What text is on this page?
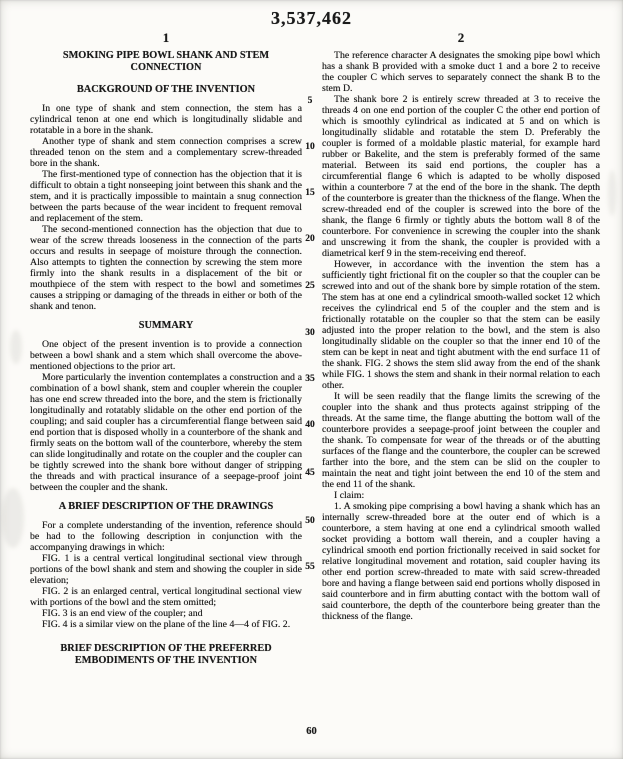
3,537,462
1
SMOKING PIPE BOWL SHANK AND STEM
CONNECTION
BACKGROUND OF THE INVENTION

In one type of shank and stem connection, the stem has a cylindrical tenon at one end which is longitudinally slidable and rotatable in a bore in the shank.

Another type of shank and stem connection comprises a screw threaded tenon on the stem and a complementary screw-threaded bore in the shank.

The first-mentioned type of connection has the objection that it is difficult to obtain a tight nonseeping joint between this shank and the stem, and it is practically impossible to maintain a snug connection between the parts because of the wear incident to frequent removal and replacement of the stem.

The second-mentioned connection has the objection that due to wear of the screw threads looseness in the connection of the parts occurs and results in seepage of moisture through the connection. Also attempts to tighten the connection by screwing the stem more firmly into the shank results in a displacement of the bit or mouthpiece of the stem with respect to the bowl and sometimes causes a stripping or damaging of the threads in either or both of the shank and tenon.

SUMMARY

One object of the present invention is to provide a connection between a bowl shank and a stem which shall overcome the above-mentioned objections to the prior art.

More particularly the invention contemplates a construction and a combination of a bowl shank, stem and coupler wherein the coupler has one end screw threaded into the bore, and the stem is frictionally longitudinally and rotatably slidable on the other end portion of the coupling; and said coupler has a circumferential flange between said end portion that is disposed wholly in a counterbore of the shank and firmly seats on the bottom wall of the counterbore, whereby the stem can slide longitudinally and rotate on the coupler and the coupler can be tightly screwed into the shank bore without danger of stripping the threads and with practical insurance of a seepage-proof joint between the coupler and the shank.

A BRIEF DESCRIPTION OF THE DRAWINGS

For a complete understanding of the invention, reference should be had to the following description in conjunction with the accompanying drawings in which:

FIG. 1 is a central vertical longitudinal sectional view through portions of the bowl shank and stem and showing the coupler in side elevation;

FIG. 2 is an enlarged central, vertical longitudinal sectional view with portions of the bowl and the stem omitted;

FIG. 3 is an end view of the coupler; and

FIG. 4 is a similar view on the plane of the line 4—4 of FIG. 2.

BRIEF DESCRIPTION OF THE PREFERRED
EMBODIMENTS OF THE INVENTION
2

The reference character A designates the smoking pipe bowl which has a shank B provided with a smoke duct 1 and a bore 2 to receive the coupler C which serves to separately connect the shank B to the stem D.

The shank bore 2 is entirely screw threaded at 3 to receive the threads 4 on one end portion of the coupler C the other end portion of which is smoothly cylindrical as indicated at 5 and on which is longitudinally slidable and rotatable the stem D. Preferably the coupler is formed of a moldable plastic material, for example hard rubber or Bakelite, and the stem is preferably formed of the same material. Between its said end portions, the coupler has a circumferential flange 6 which is adapted to be wholly disposed within a counterbore 7 at the end of the bore in the shank. The depth of the counterbore is greater than the thickness of the flange. When the screw-threaded end of the coupler is screwed into the bore of the shank, the flange 6 firmly or tightly abuts the bottom wall 8 of the counterbore. For convenience in screwing the coupler into the shank and unscrewing it from the shank, the coupler is provided with a diametrical kerf 9 in the stem-receiving end thereof.

However, in accordance with the invention the stem has a sufficiently tight frictional fit on the coupler so that the coupler can be screwed into and out of the shank bore by simple rotation of the stem. The stem has at one end a cylindrical smooth-walled socket 12 which receives the cylindrical end 5 of the coupler and the stem and is frictionally rotatable on the coupler so that the stem can be easily adjusted into the proper relation to the bowl, and the stem is also longitudinally slidable on the coupler so that the inner end 10 of the stem can be kept in neat and tight abutment with the end surface 11 of the shank. FIG. 2 shows the stem slid away from the end of the shank while FIG. 1 shows the stem and shank in their normal relation to each other.

It will be seen readily that the flange limits the screwing of the coupler into the shank and thus protects against stripping of the threads. At the same time, the flange abutting the bottom wall of the counterbore provides a seepage-proof joint between the coupler and the shank. To compensate for wear of the threads or of the abutting surfaces of the flange and the counterbore, the coupler can be screwed farther into the bore, and the stem can be slid on the coupler to maintain the neat and tight joint between the end 10 of the stem and the end 11 of the shank.

I claim:

1. A smoking pipe comprising a bowl having a shank which has an internally screw-threaded bore at the outer end of which is a counterbore, a stem having at one end a cylindrical smooth walled socket providing a bottom wall therein, and a coupler having a cylindrical smooth end portion frictionally received in said socket for relative longitudinal movement and rotation, said coupler having its other end portion screw-threaded to mate with said screw-threaded bore and having a flange between said end portions wholly disposed in said counterbore and in firm abutting contact with the bottom wall of said counterbore, the depth of the counterbore being greater than the thickness of the flange.

5
10
15
20
25
30
35
40
45
50
55
60
